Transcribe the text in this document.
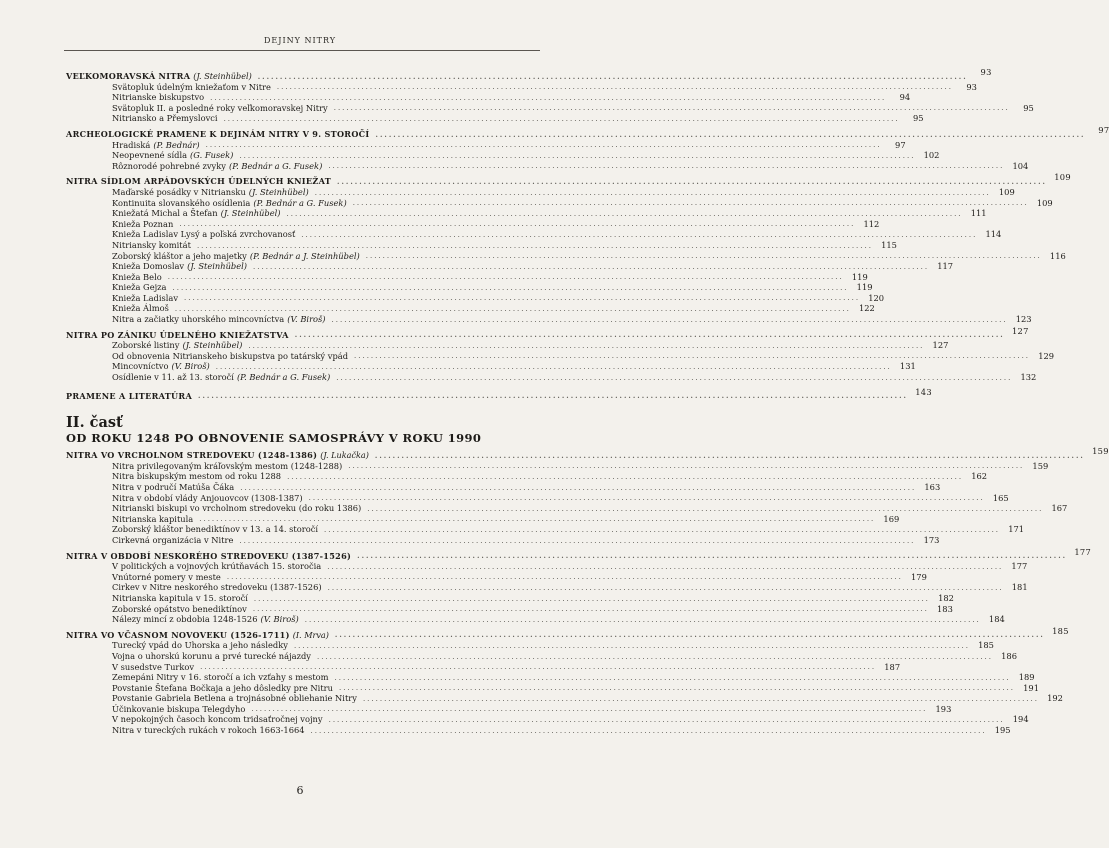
DEJINY NITRY
VEĽKOMORAVSKÁ NITRA (J. Steinhübel) .....	93
Svätopluk údelným kniežaťom v Nitre .....	93
Nitrianske biskupstvo .....	94
Svätopluk II. a posledné roky veľkomoravskej Nitry .....	95
Nitriansko a Přemyslovci .....	95
ARCHEOLOGICKÉ PRAMENE K DEJINÁM NITRY V 9. STOROČÍ .....	97
Hradiská (P. Bednár) .....	97
Neopevnené sídla (G. Fusek) .....	102
Rôznorodé pohrebné zvyky (P. Bednár a G. Fusek) .....	104
NITRA SÍDLOM ARPÁDOVSKÝCH ÚDELNÝCH KNIEŽAT .....	109
Maďarské posádky v Nitriansku (J. Steinhübel) .....	109
Kontinuita slovanského osídlenia (P. Bednár a G. Fusek) .....	109
Kniežatá Michal a Štefan (J. Steinhübel) .....	111
Knieža Poznan .....	112
Knieža Ladislav Lysý a poľská zvrchovanosť .....	114
Nitriansky komitát .....	115
Zoborský kláštor a jeho majetky (P. Bednár a J. Steinhübel) .....	116
Knieža Domoslav (J. Steinhübel) .....	117
Knieža Belo .....	119
Knieža Gejza .....	119
Knieža Ladislav .....	120
Knieža Álmoš .....	122
Nitra a začiatky uhorského mincovníctva (V. Biroš) .....	123
NITRA PO ZÁNIKU ÚDELNÉHO KNIEŽATSTVA .....	127
Zoborské listiny (J. Steinhübel) .....	127
Od obnovenia Nitrianskeho biskupstva po tatárský vpád .....	129
Mincovníctvo (V. Biroš) .....	131
Osídlenie v 11. až 13. storočí (P. Bednár a G. Fusek) .....	132
PRAMENE A LITERATÚRA .....	143
II. časť
OD ROKU 1248 PO OBNOVENIE SAMOSPRÁVY V ROKU 1990
NITRA VO VRCHOLNOM STREDOVEKU (1248-1386) (J. Lukačka) .....	159
Nitra privilegovaným kráľovským mestom (1248-1288) .....	159
Nitra biskupským mestom od roku 1288 .....	162
Nitra v područí Matúša Čáka .....	163
Nitra v období vlády Anjouovcov (1308-1387) .....	165
Nitrianski biskupi vo vrcholnom stredoveku (do roku 1386) .....	167
Nitrianska kapitula .....	169
Zoborský kláštor benediktínov v 13. a 14. storočí .....	171
Cirkevná organizácia v Nitre .....	173
NITRA V OBDOBÍ NESKORÉHO STREDOVEKU (1387-1526) .....	177
V politických a vojnových krútňavách 15. storočia .....	177
Vnútorné pomery v meste .....	179
Cirkev v Nitre neskorého stredoveku (1387-1526) .....	181
Nitrianska kapitula v 15. storočí .....	182
Zoborské opátstvo benediktínov .....	183
Nálezy mincí z obdobia 1248-1526 (V. Biroš) .....	184
NITRA VO VČASNOM NOVOVEKU (1526-1711) (I. Mrva) .....	185
Turecký vpád do Uhorska a jeho následky .....	185
Vojna o uhorskú korunu a prvé turecké nájazdy .....	186
V susedstve Turkov .....	187
Zemepáni Nitry v 16. storočí a ich vzťahy s mestom .....	189
Povstanie Štefana Bočkaja a jeho dôsledky pre Nitru .....	191
Povstanie Gabriela Betlena a trojnásobné obliehanie Nitry .....	192
Účinkovanie biskupa Telegdyho .....	193
V nepokojných časoch koncom tridsaťročnej vojny .....	194
Nitra v tureckých rukách v rokoch 1663-1664 .....	195
6
